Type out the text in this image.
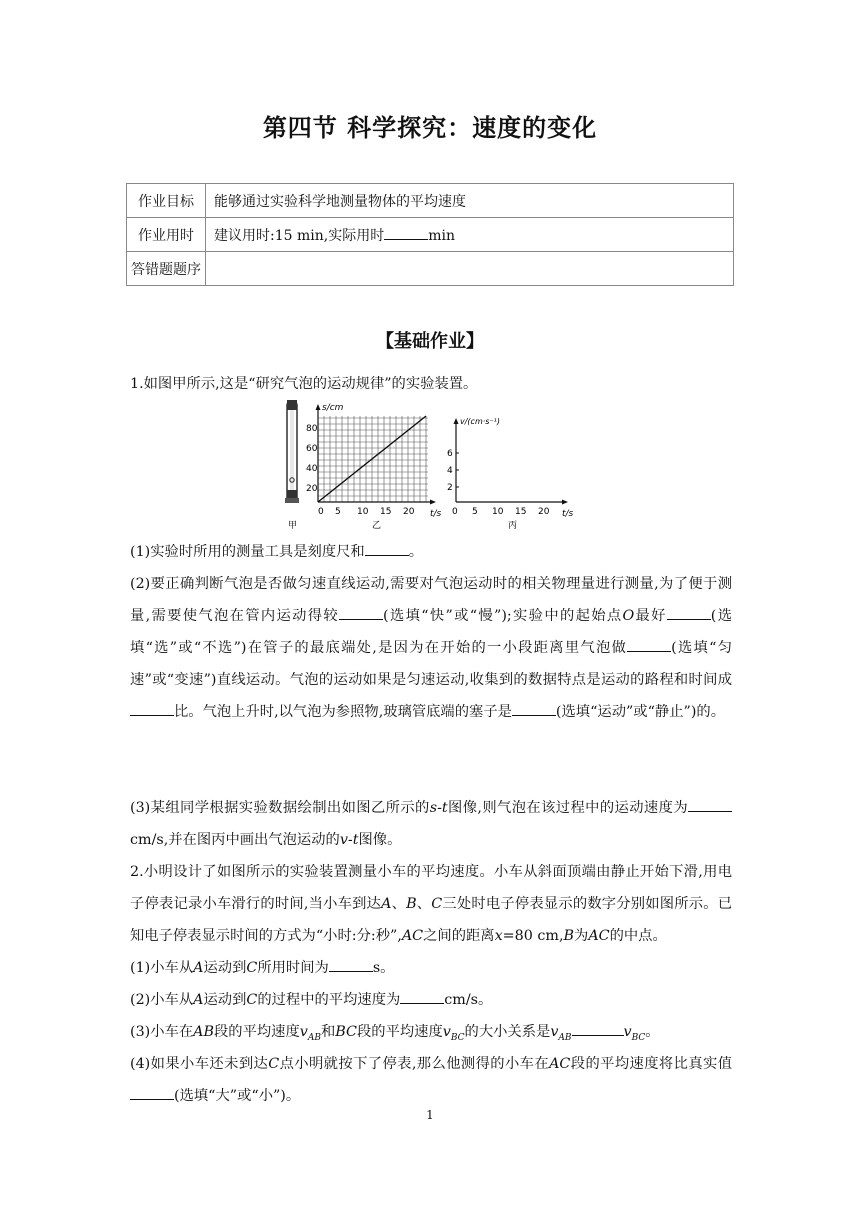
第四节 科学探究：速度的变化
作业目标	能够通过实验科学地测量物体的平均速度
作业用时	建议用时:15 min,实际用时 min
答错题题序	
【基础作业】
1.如图甲所示,这是“研究气泡的运动规律”的实验装置。
甲
s/cm
20
40
60
80
0 5 10 15 20 t/s
乙
v/(cm·s⁻¹)
2
4
6
0 5 10 15 20 t/s
丙
(1)实验时所用的测量工具是刻度尺和	。
(2)要正确判断气泡是否做匀速直线运动,需要对气泡运动时的相关物理量进行测量,为了便于测量,需要使气泡在管内运动得较	(选填“快”或“慢”);实验中的起始点O最好	(选填“选”或“不选”)在管子的最底端处,是因为在开始的一小段距离里气泡做	(选填“匀速”或“变速”)直线运动。气泡的运动如果是匀速运动,收集到的数据特点是运动的路程和时间成比。气泡上升时,以气泡为参照物,玻璃管底端的塞子是	(选填“运动”或“静止”)的。
(3)某组同学根据实验数据绘制出如图乙所示的s-t图像,则气泡在该过程中的运动速度为cm/s,并在图丙中画出气泡运动的v-t图像。
2.小明设计了如图所示的实验装置测量小车的平均速度。小车从斜面顶端由静止开始下滑,用电子停表记录小车滑行的时间,当小车到达A、B、C三处时电子停表显示的数字分别如图所示。已知电子停表显示时间的方式为“小时:分:秒”,AC之间的距离x=80 cm,B为AC的中点。
(1)小车从A运动到C所用时间为	s。
(2)小车从A运动到C的过程中的平均速度为	cm/s。
(3)小车在AB段的平均速度$v_{AB}$和BC段的平均速度$v_{BC}$的大小关系是$v_{AB}$	$v_{BC}$。
(4)如果小车还未到达C点小明就按下了停表,那么他测得的小车在AC段的平均速度将比真实值(选填“大”或“小”)。
1
